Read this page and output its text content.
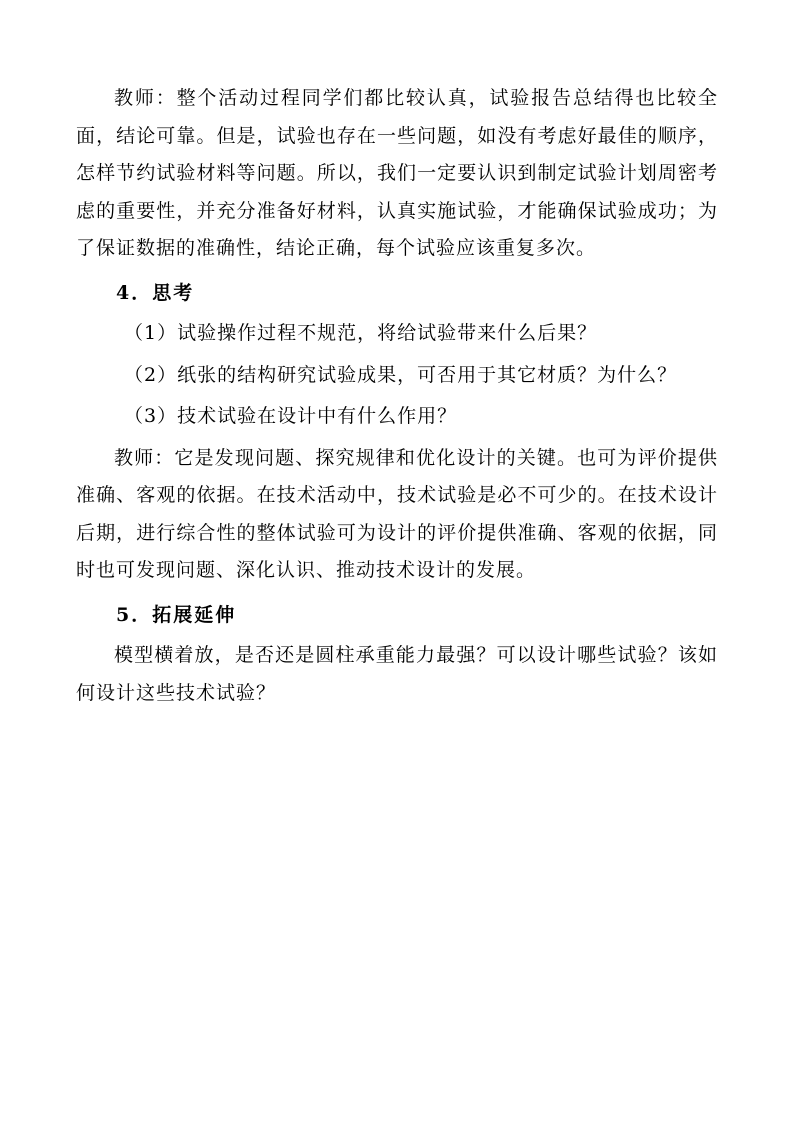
教师：整个活动过程同学们都比较认真，试验报告总结得也比较全面，结论可靠。但是，试验也存在一些问题，如没有考虑好最佳的顺序，怎样节约试验材料等问题。所以，我们一定要认识到制定试验计划周密考虑的重要性，并充分准备好材料，认真实施试验，才能确保试验成功；为了保证数据的准确性，结论正确，每个试验应该重复多次。

4．思考
（1）试验操作过程不规范，将给试验带来什么后果？
（2）纸张的结构研究试验成果，可否用于其它材质？为什么？
（3）技术试验在设计中有什么作用？

教师：它是发现问题、探究规律和优化设计的关键。也可为评价提供准确、客观的依据。在技术活动中，技术试验是必不可少的。在技术设计后期，进行综合性的整体试验可为设计的评价提供准确、客观的依据，同时也可发现问题、深化认识、推动技术设计的发展。

5．拓展延伸

模型横着放，是否还是圆柱承重能力最强？可以设计哪些试验？该如何设计这些技术试验？
